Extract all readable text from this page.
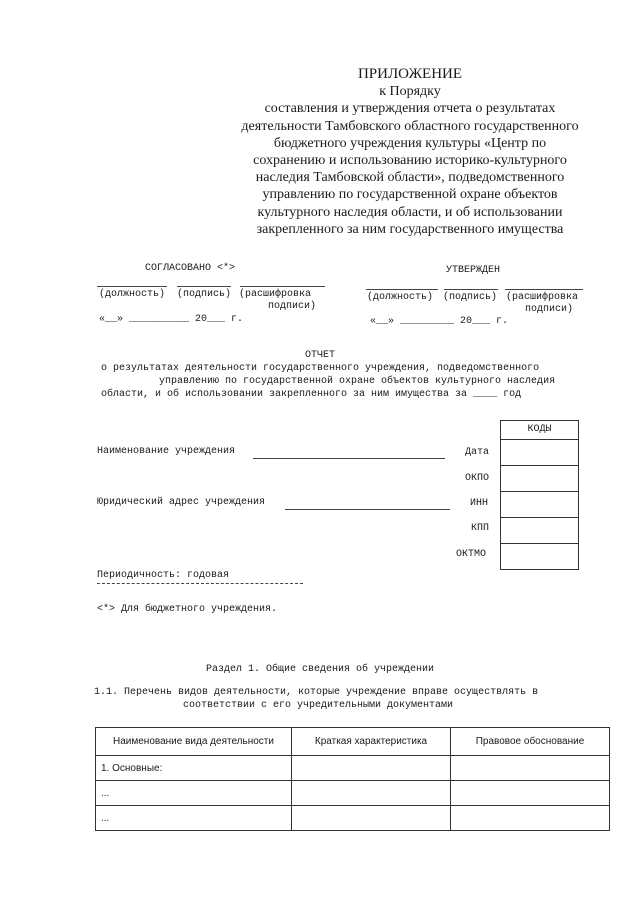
ПРИЛОЖЕНИЕ
к Порядку
составления и утверждения отчета о результатах
деятельности Тамбовского областного государственного
бюджетного учреждения культуры «Центр по
сохранению и использованию историко-культурного
наследия Тамбовской области», подведомственного
управлению по государственной охране объектов
культурного наследия области, и об использовании
закрепленного за ним государственного имущества
СОГЛАСОВАНО <*>
(должность) (подпись) (расшифровка
подписи)
«__» __________ 20___ г.
УТВЕРЖДЕН
(должность) (подпись) (расшифровка
подписи)
«__» _________ 20___ г.
ОТЧЕТ
о результатах деятельности государственного учреждения, подведомственного
управлению по государственной охране объектов культурного наследия
области, и об использовании закрепленного за ним имущества за ____ год
КОДЫ
Дата
ОКПО
ИНН
КПП
ОКТМО
Наименование учреждения
Юридический адрес учреждения
Периодичность: годовая
<*> Для бюджетного учреждения.
Раздел 1. Общие сведения об учреждении
1.1. Перечень видов деятельности, которые учреждение вправе осуществлять в
соответствии с его учредительными документами
Наименование вида деятельности	Краткая характеристика	Правовое обоснование
1. Основные:		
...		
...		
